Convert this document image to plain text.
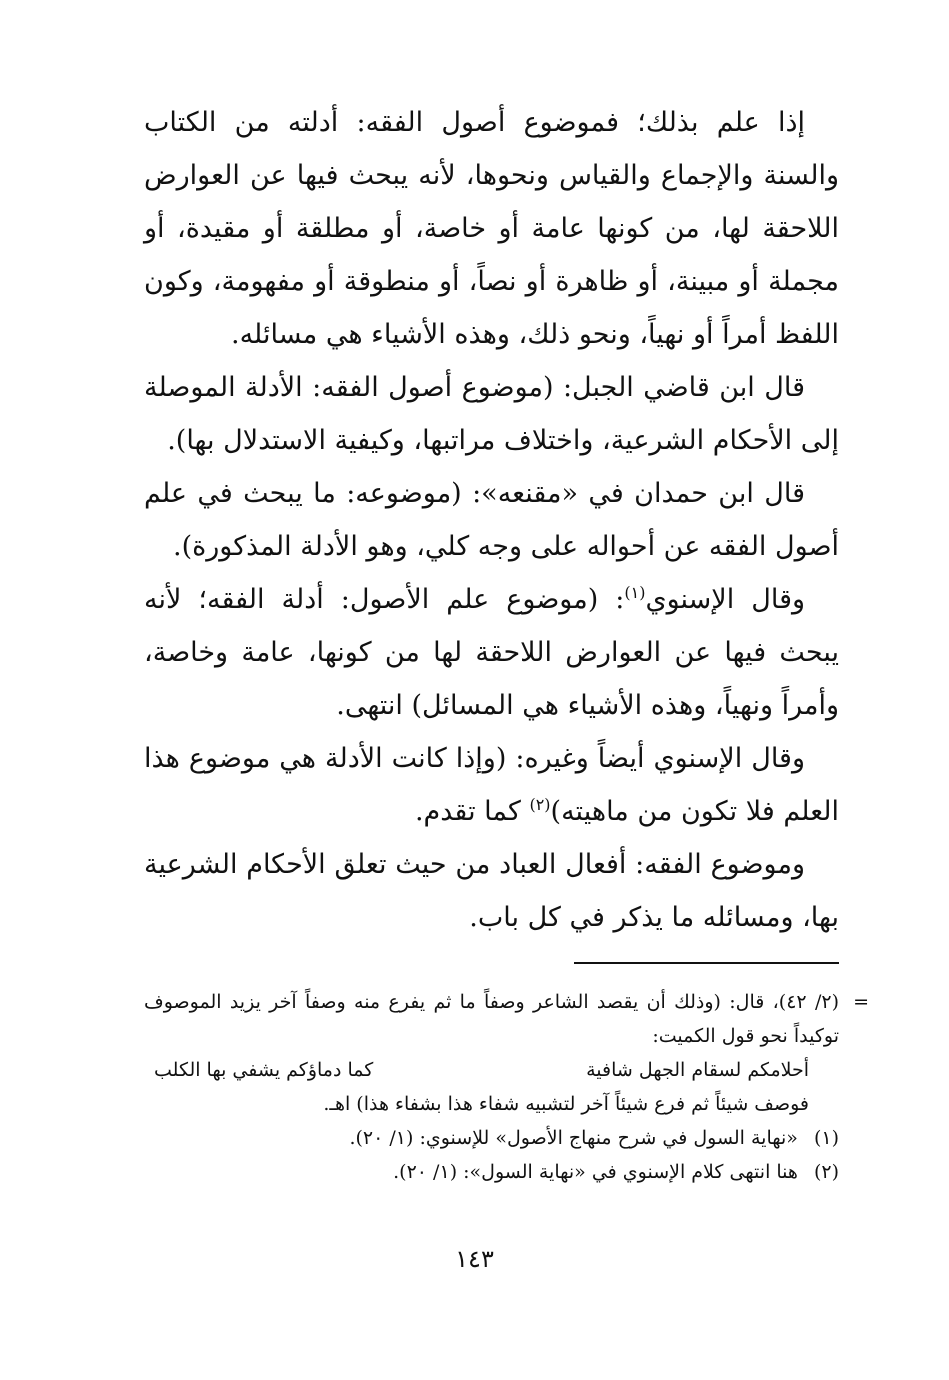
إذا علم بذلك؛ فموضوع أصول الفقه: أدلته من الكتاب والسنة والإجماع والقياس ونحوها، لأنه يبحث فيها عن العوارض اللاحقة لها، من كونها عامة أو خاصة، أو مطلقة أو مقيدة، أو مجملة أو مبينة، أو ظاهرة أو نصاً، أو منطوقة أو مفهومة، وكون اللفظ أمراً أو نهياً، ونحو ذلك، وهذه الأشياء هي مسائله.

قال ابن قاضي الجبل: (موضوع أصول الفقه: الأدلة الموصلة إلى الأحكام الشرعية، واختلاف مراتبها، وكيفية الاستدلال بها).

قال ابن حمدان في «مقنعه»: (موضوعه: ما يبحث في علم أصول الفقه عن أحواله على وجه كلي، وهو الأدلة المذكورة).

وقال الإسنوي$^{(١)}$: (موضوع علم الأصول: أدلة الفقه؛ لأنه يبحث فيها عن العوارض اللاحقة لها من كونها، عامة وخاصة، وأمراً ونهياً، وهذه الأشياء هي المسائل) انتهى.

وقال الإسنوي أيضاً وغيره: (وإذا كانت الأدلة هي موضوع هذا العلم فلا تكون من ماهيته)$^{(٢)}$ كما تقدم.

وموضوع الفقه: أفعال العباد من حيث تعلق الأحكام الشرعية بها، ومسائله ما يذكر في كل باب.

=
(٢/ ٤٢)، قال: (وذلك أن يقصد الشاعر وصفاً ما ثم يفرع منه وصفاً آخر يزيد الموصوف توكيداً نحو قول الكميت:

أحلامكم لسقام الجهل شافية
كما دماؤكم يشفي بها الكلب

فوصف شيئاً ثم فرع شيئاً آخر لتشبيه شفاء هذا بشفاء هذا) اهـ.

(١)
«نهاية السول في شرح منهاج الأصول» للإسنوي: (١/ ٢٠).
(٢)
هنا انتهى كلام الإسنوي في «نهاية السول»: (١/ ٢٠).
١٤٣
